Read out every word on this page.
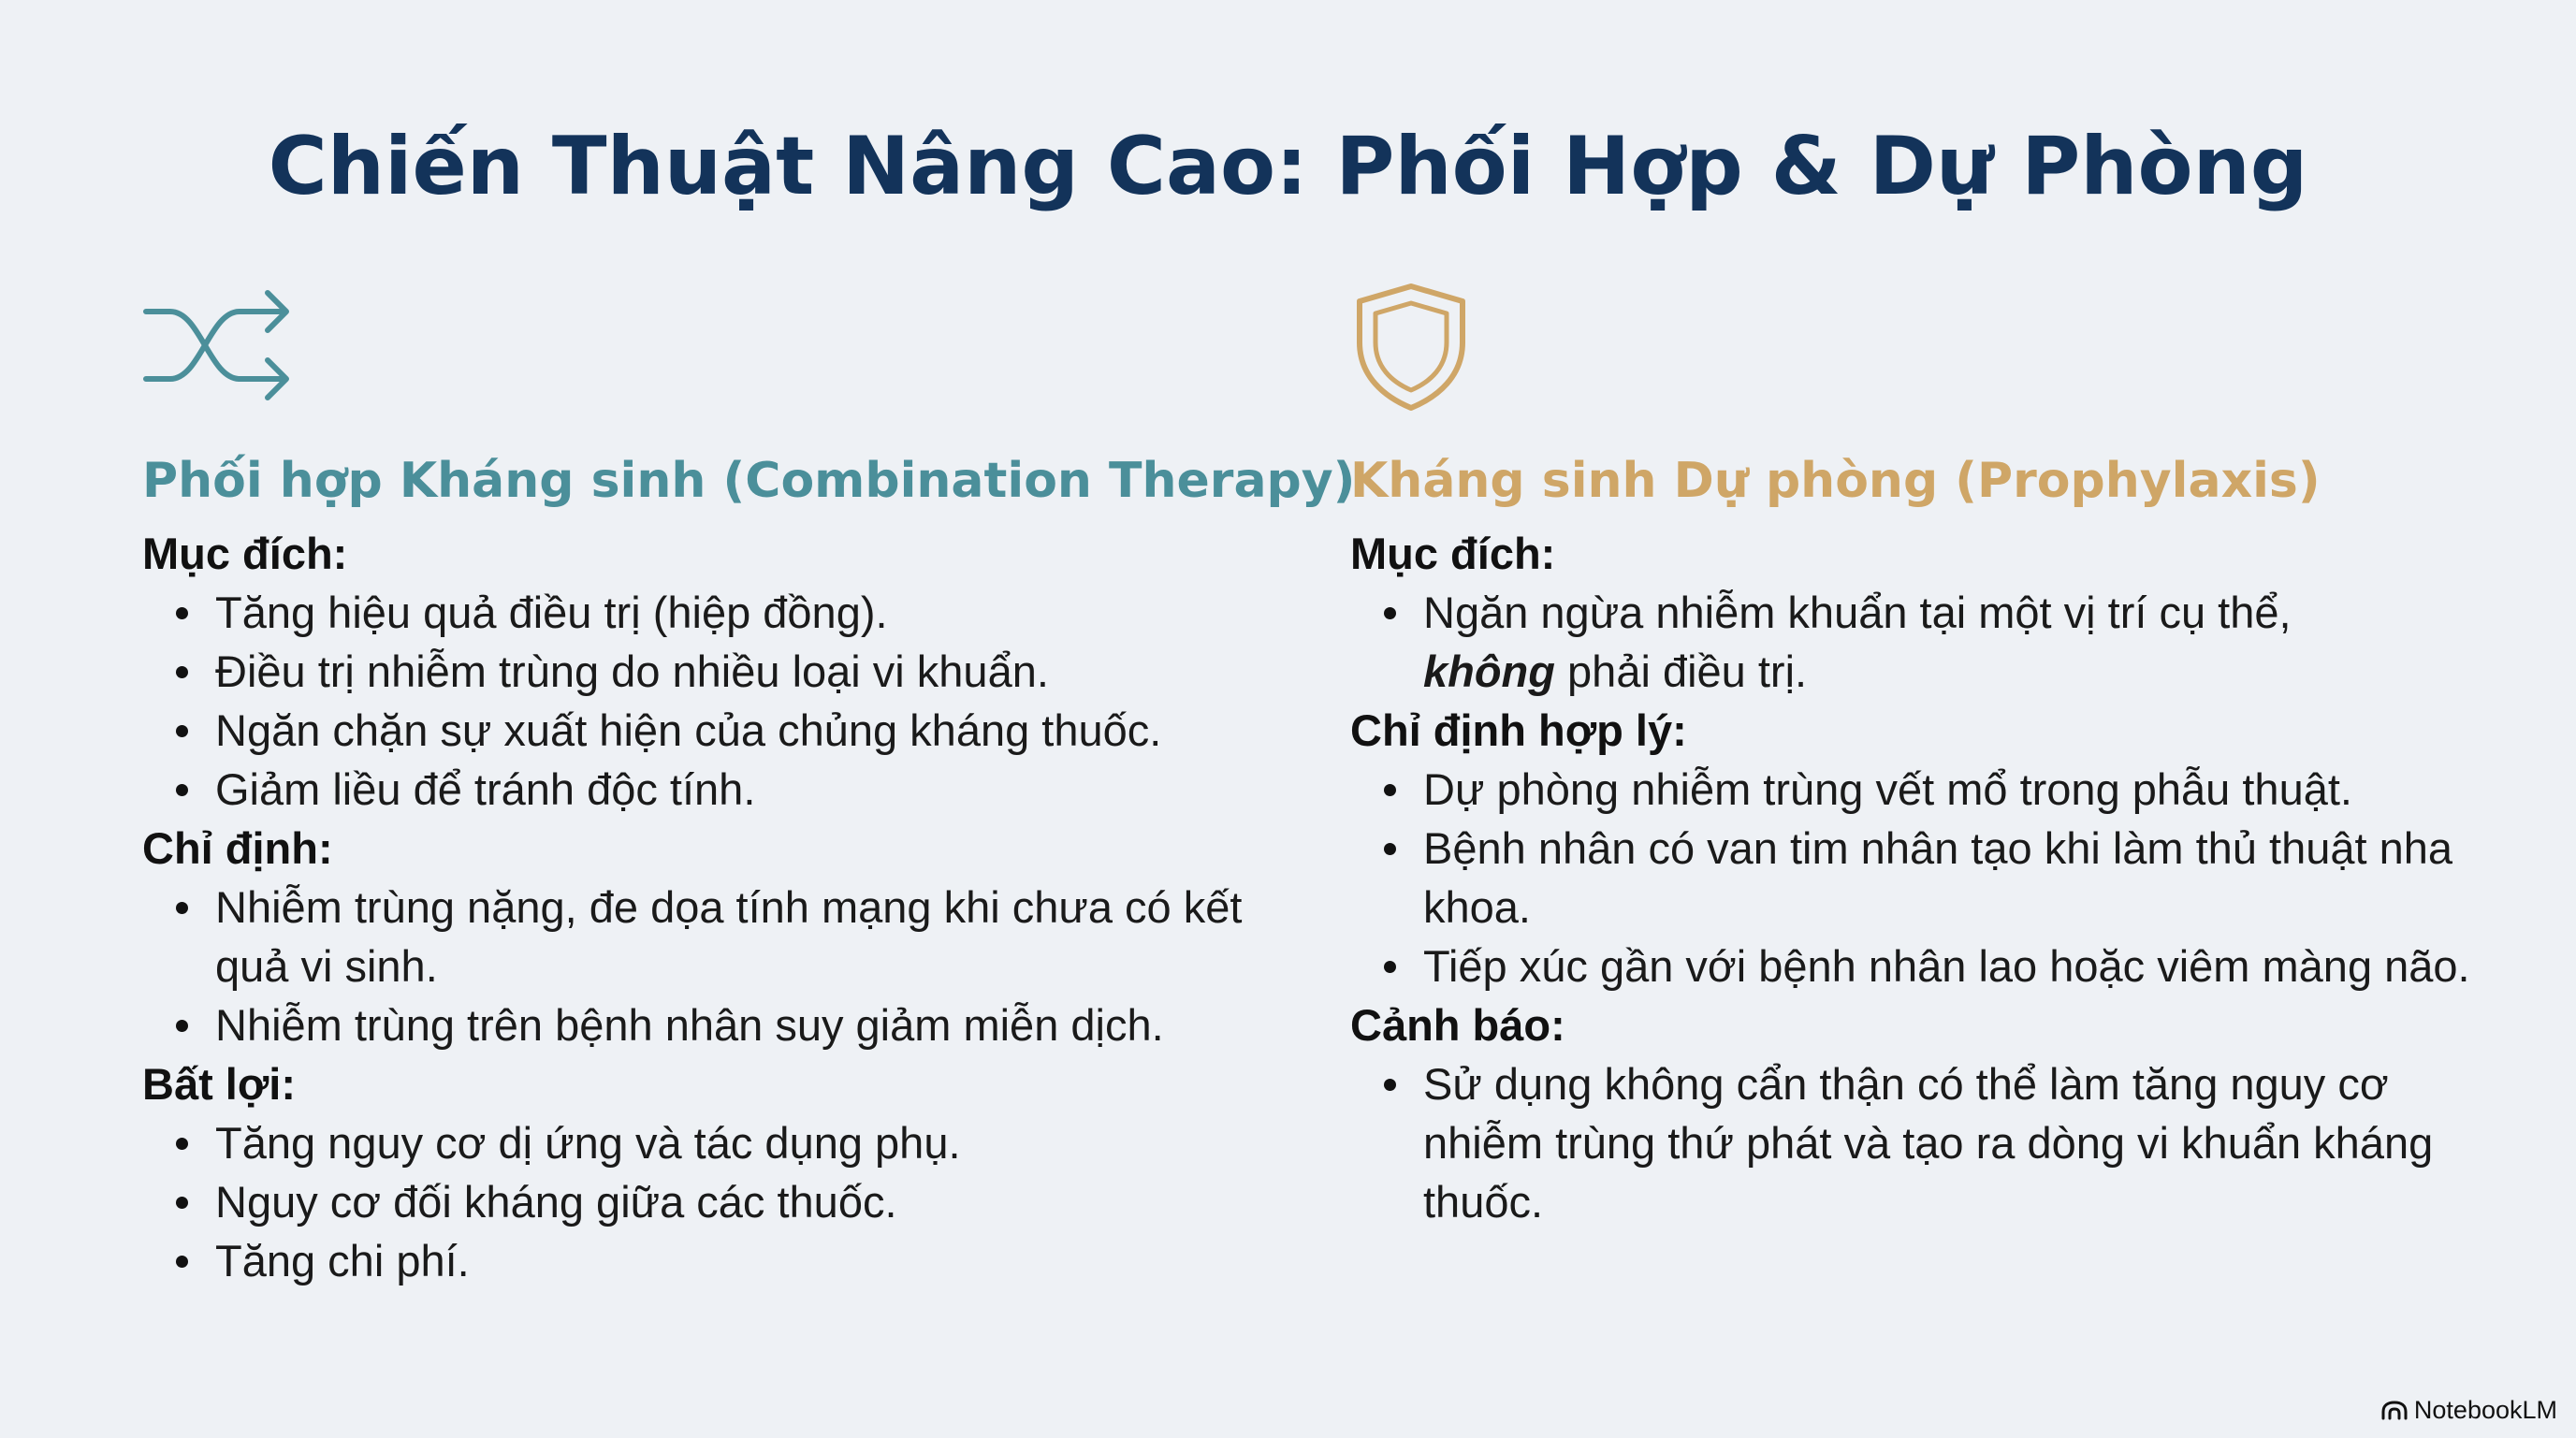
Chiến Thuật Nâng Cao: Phối Hợp & Dự Phòng
Phối hợp Kháng sinh (Combination Therapy)
Mục đích:
Tăng hiệu quả điều trị (hiệp đồng).
Điều trị nhiễm trùng do nhiều loại vi khuẩn.
Ngăn chặn sự xuất hiện của chủng kháng thuốc.
Giảm liều để tránh độc tính.
Chỉ định:
Nhiễm trùng nặng, đe dọa tính mạng khi chưa có kết quả vi sinh.
Nhiễm trùng trên bệnh nhân suy giảm miễn dịch.
Bất lợi:
Tăng nguy cơ dị ứng và tác dụng phụ.
Nguy cơ đối kháng giữa các thuốc.
Tăng chi phí.
Kháng sinh Dự phòng (Prophylaxis)
Mục đích:
Ngăn ngừa nhiễm khuẩn tại một vị trí cụ thể,
không phải điều trị.
Chỉ định hợp lý:
Dự phòng nhiễm trùng vết mổ trong phẫu thuật.
Bệnh nhân có van tim nhân tạo khi làm thủ thuật nha khoa.
Tiếp xúc gần với bệnh nhân lao hoặc viêm màng não.
Cảnh báo:
Sử dụng không cẩn thận có thể làm tăng nguy cơ nhiễm trùng thứ phát và tạo ra dòng vi khuẩn kháng thuốc.
NotebookLM
